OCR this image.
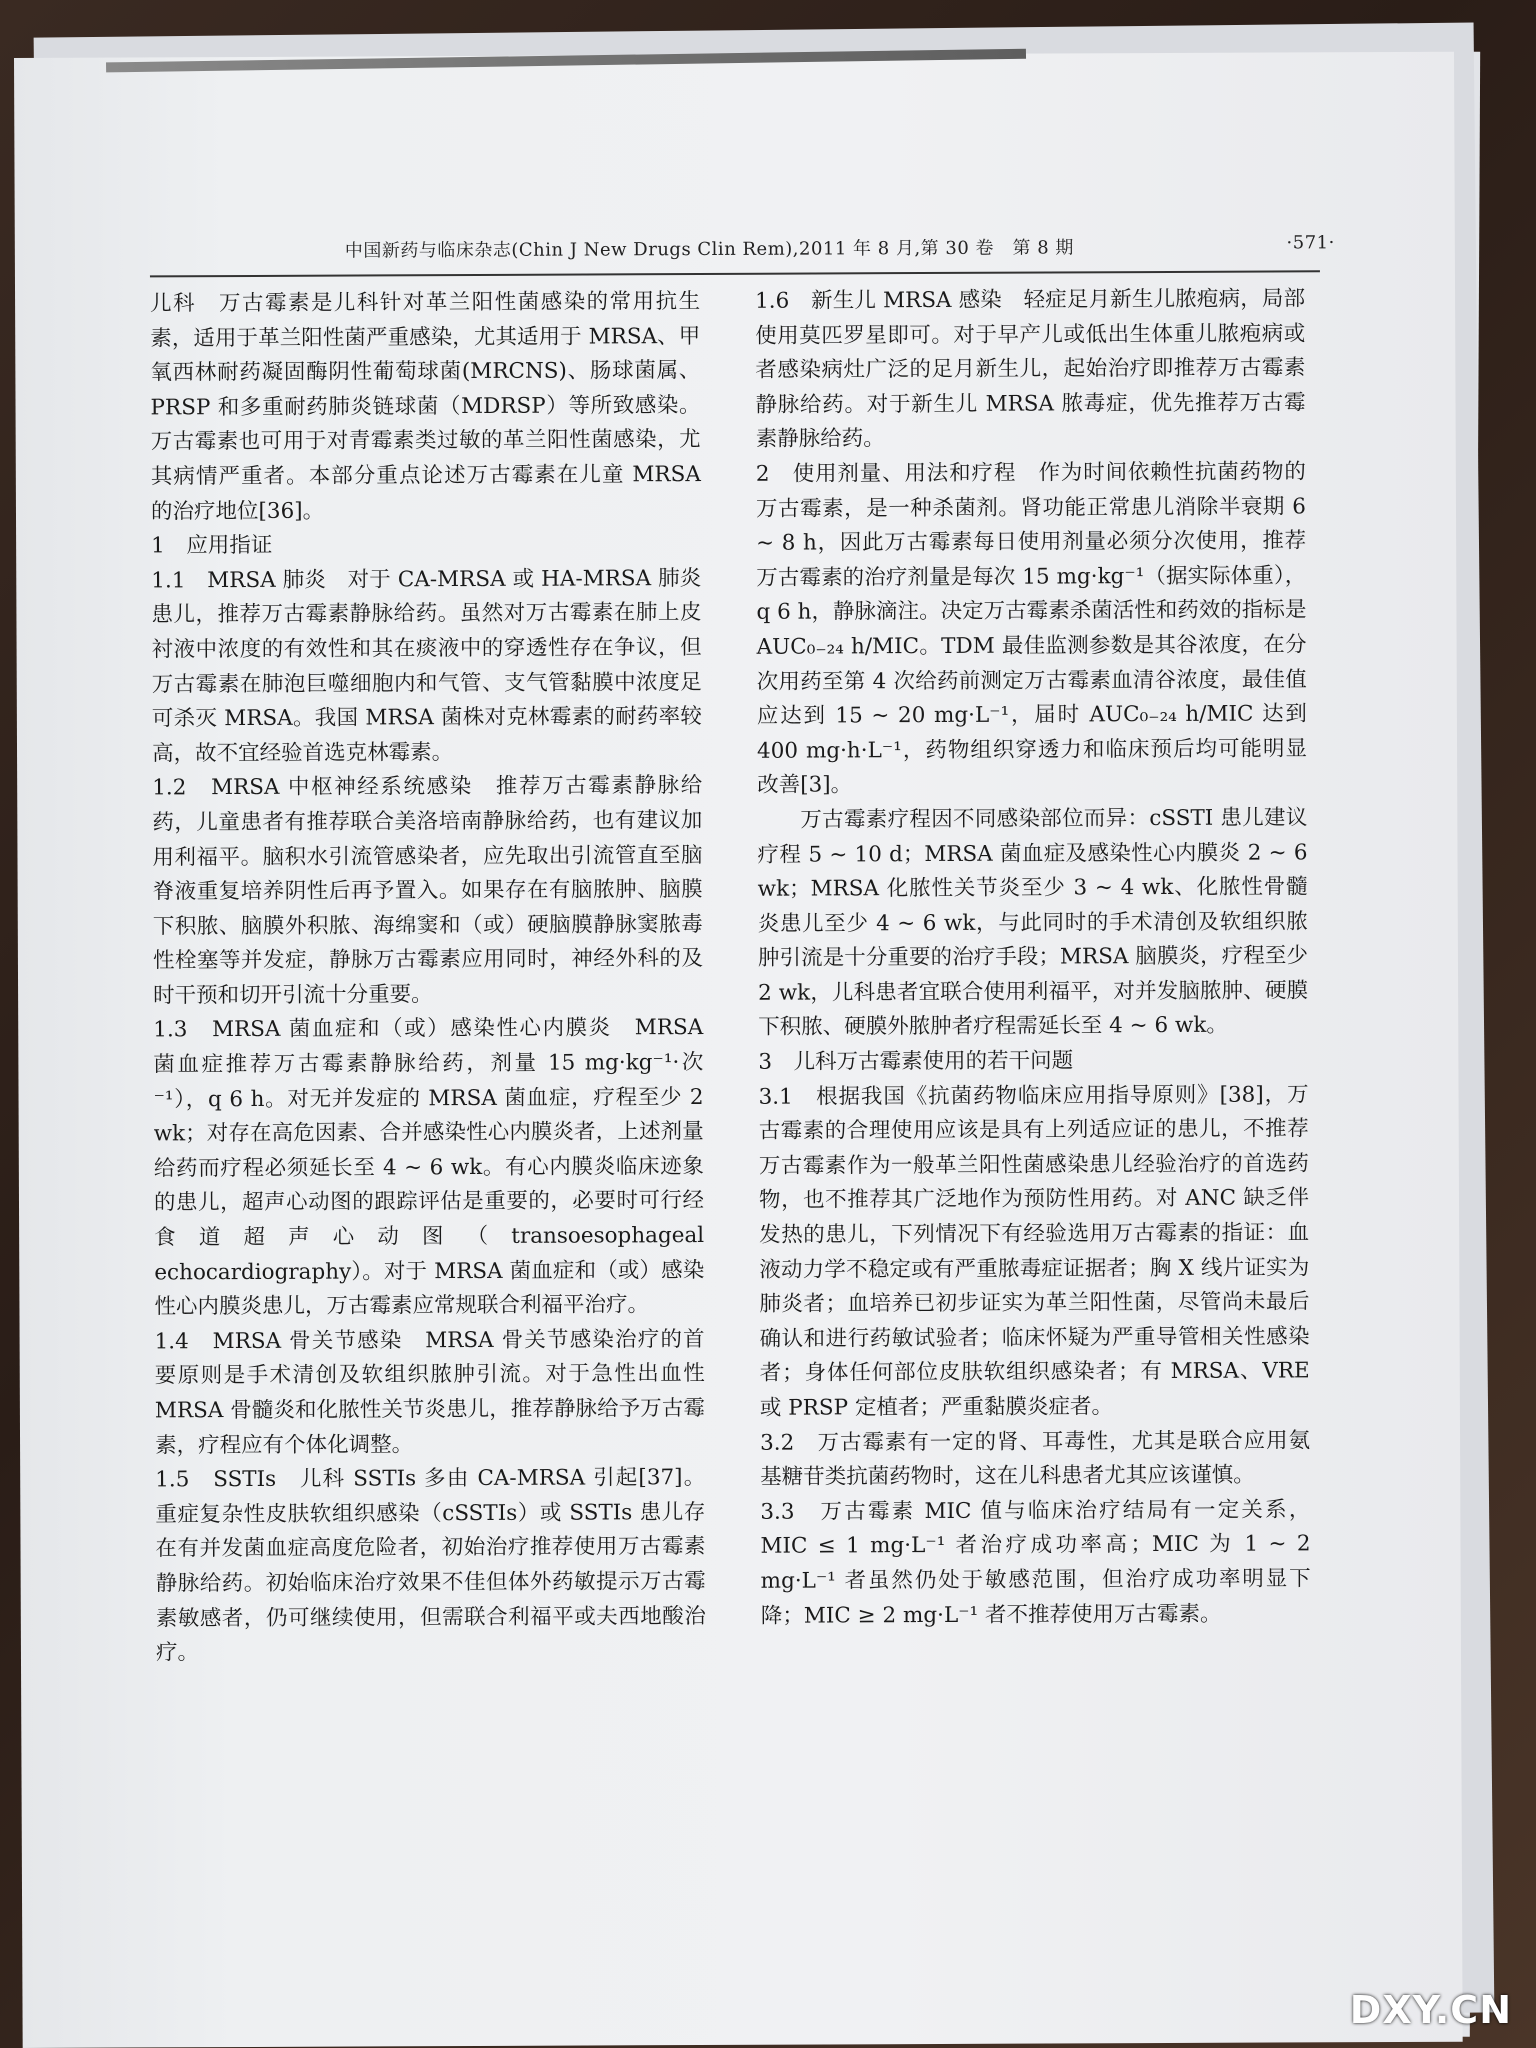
中国新药与临床杂志(Chin J New Drugs Clin Rem),2011 年 8 月,第 30 卷　第 8 期	·571·

儿科　万古霉素是儿科针对革兰阳性菌感染的常用抗生素，适用于革兰阳性菌严重感染，尤其适用于 MRSA、甲氧西林耐药凝固酶阴性葡萄球菌(MRCNS)、肠球菌属、PRSP 和多重耐药肺炎链球菌（MDRSP）等所致感染。万古霉素也可用于对青霉素类过敏的革兰阳性菌感染，尤其病情严重者。本部分重点论述万古霉素在儿童 MRSA 的治疗地位[36]。

1　应用指证

1.1　MRSA 肺炎　对于 CA-MRSA 或 HA-MRSA 肺炎患儿，推荐万古霉素静脉给药。虽然对万古霉素在肺上皮衬液中浓度的有效性和其在痰液中的穿透性存在争议，但万古霉素在肺泡巨噬细胞内和气管、支气管黏膜中浓度足可杀灭 MRSA。我国 MRSA 菌株对克林霉素的耐药率较高，故不宜经验首选克林霉素。

1.2　MRSA 中枢神经系统感染　推荐万古霉素静脉给药，儿童患者有推荐联合美洛培南静脉给药，也有建议加用利福平。脑积水引流管感染者，应先取出引流管直至脑脊液重复培养阴性后再予置入。如果存在有脑脓肿、脑膜下积脓、脑膜外积脓、海绵窦和（或）硬脑膜静脉窦脓毒性栓塞等并发症，静脉万古霉素应用同时，神经外科的及时干预和切开引流十分重要。

1.3　MRSA 菌血症和（或）感染性心内膜炎　MRSA 菌血症推荐万古霉素静脉给药，剂量 15 mg·kg⁻¹·次⁻¹），q 6 h。对无并发症的 MRSA 菌血症，疗程至少 2 wk；对存在高危因素、合并感染性心内膜炎者，上述剂量给药而疗程必须延长至 4 ~ 6 wk。有心内膜炎临床迹象的患儿，超声心动图的跟踪评估是重要的，必要时可行经食道超声心动图（transoesophageal echocardiography）。对于 MRSA 菌血症和（或）感染性心内膜炎患儿，万古霉素应常规联合利福平治疗。

1.4　MRSA 骨关节感染　MRSA 骨关节感染治疗的首要原则是手术清创及软组织脓肿引流。对于急性出血性 MRSA 骨髓炎和化脓性关节炎患儿，推荐静脉给予万古霉素，疗程应有个体化调整。

1.5　SSTIs　儿科 SSTIs 多由 CA-MRSA 引起[37]。重症复杂性皮肤软组织感染（cSSTIs）或 SSTIs 患儿存在有并发菌血症高度危险者，初始治疗推荐使用万古霉素静脉给药。初始临床治疗效果不佳但体外药敏提示万古霉素敏感者，仍可继续使用，但需联合利福平或夫西地酸治疗。

1.6　新生儿 MRSA 感染　轻症足月新生儿脓疱病，局部使用莫匹罗星即可。对于早产儿或低出生体重儿脓疱病或者感染病灶广泛的足月新生儿，起始治疗即推荐万古霉素静脉给药。对于新生儿 MRSA 脓毒症，优先推荐万古霉素静脉给药。

2　使用剂量、用法和疗程　作为时间依赖性抗菌药物的万古霉素，是一种杀菌剂。肾功能正常患儿消除半衰期 6 ~ 8 h，因此万古霉素每日使用剂量必须分次使用，推荐万古霉素的治疗剂量是每次 15 mg·kg⁻¹（据实际体重），q 6 h，静脉滴注。决定万古霉素杀菌活性和药效的指标是 AUC₀₋₂₄ h/MIC。TDM 最佳监测参数是其谷浓度，在分次用药至第 4 次给药前测定万古霉素血清谷浓度，最佳值应达到 15 ~ 20 mg·L⁻¹，届时 AUC₀₋₂₄ h/MIC 达到 400 mg·h·L⁻¹，药物组织穿透力和临床预后均可能明显改善[3]。

万古霉素疗程因不同感染部位而异：cSSTI 患儿建议疗程 5 ~ 10 d；MRSA 菌血症及感染性心内膜炎 2 ~ 6 wk；MRSA 化脓性关节炎至少 3 ~ 4 wk、化脓性骨髓炎患儿至少 4 ~ 6 wk，与此同时的手术清创及软组织脓肿引流是十分重要的治疗手段；MRSA 脑膜炎，疗程至少 2 wk，儿科患者宜联合使用利福平，对并发脑脓肿、硬膜下积脓、硬膜外脓肿者疗程需延长至 4 ~ 6 wk。

3　儿科万古霉素使用的若干问题

3.1　根据我国《抗菌药物临床应用指导原则》[38]，万古霉素的合理使用应该是具有上列适应证的患儿，不推荐万古霉素作为一般革兰阳性菌感染患儿经验治疗的首选药物，也不推荐其广泛地作为预防性用药。对 ANC 缺乏伴发热的患儿，下列情况下有经验选用万古霉素的指证：血液动力学不稳定或有严重脓毒症证据者；胸 X 线片证实为肺炎者；血培养已初步证实为革兰阳性菌，尽管尚未最后确认和进行药敏试验者；临床怀疑为严重导管相关性感染者；身体任何部位皮肤软组织感染者；有 MRSA、VRE 或 PRSP 定植者；严重黏膜炎症者。

3.2　万古霉素有一定的肾、耳毒性，尤其是联合应用氨基糖苷类抗菌药物时，这在儿科患者尤其应该谨慎。

3.3　万古霉素 MIC 值与临床治疗结局有一定关系，MIC ≤ 1 mg·L⁻¹ 者治疗成功率高；MIC 为 1 ~ 2 mg·L⁻¹ 者虽然仍处于敏感范围，但治疗成功率明显下降；MIC ≥ 2 mg·L⁻¹ 者不推荐使用万古霉素。

DXY.CN
